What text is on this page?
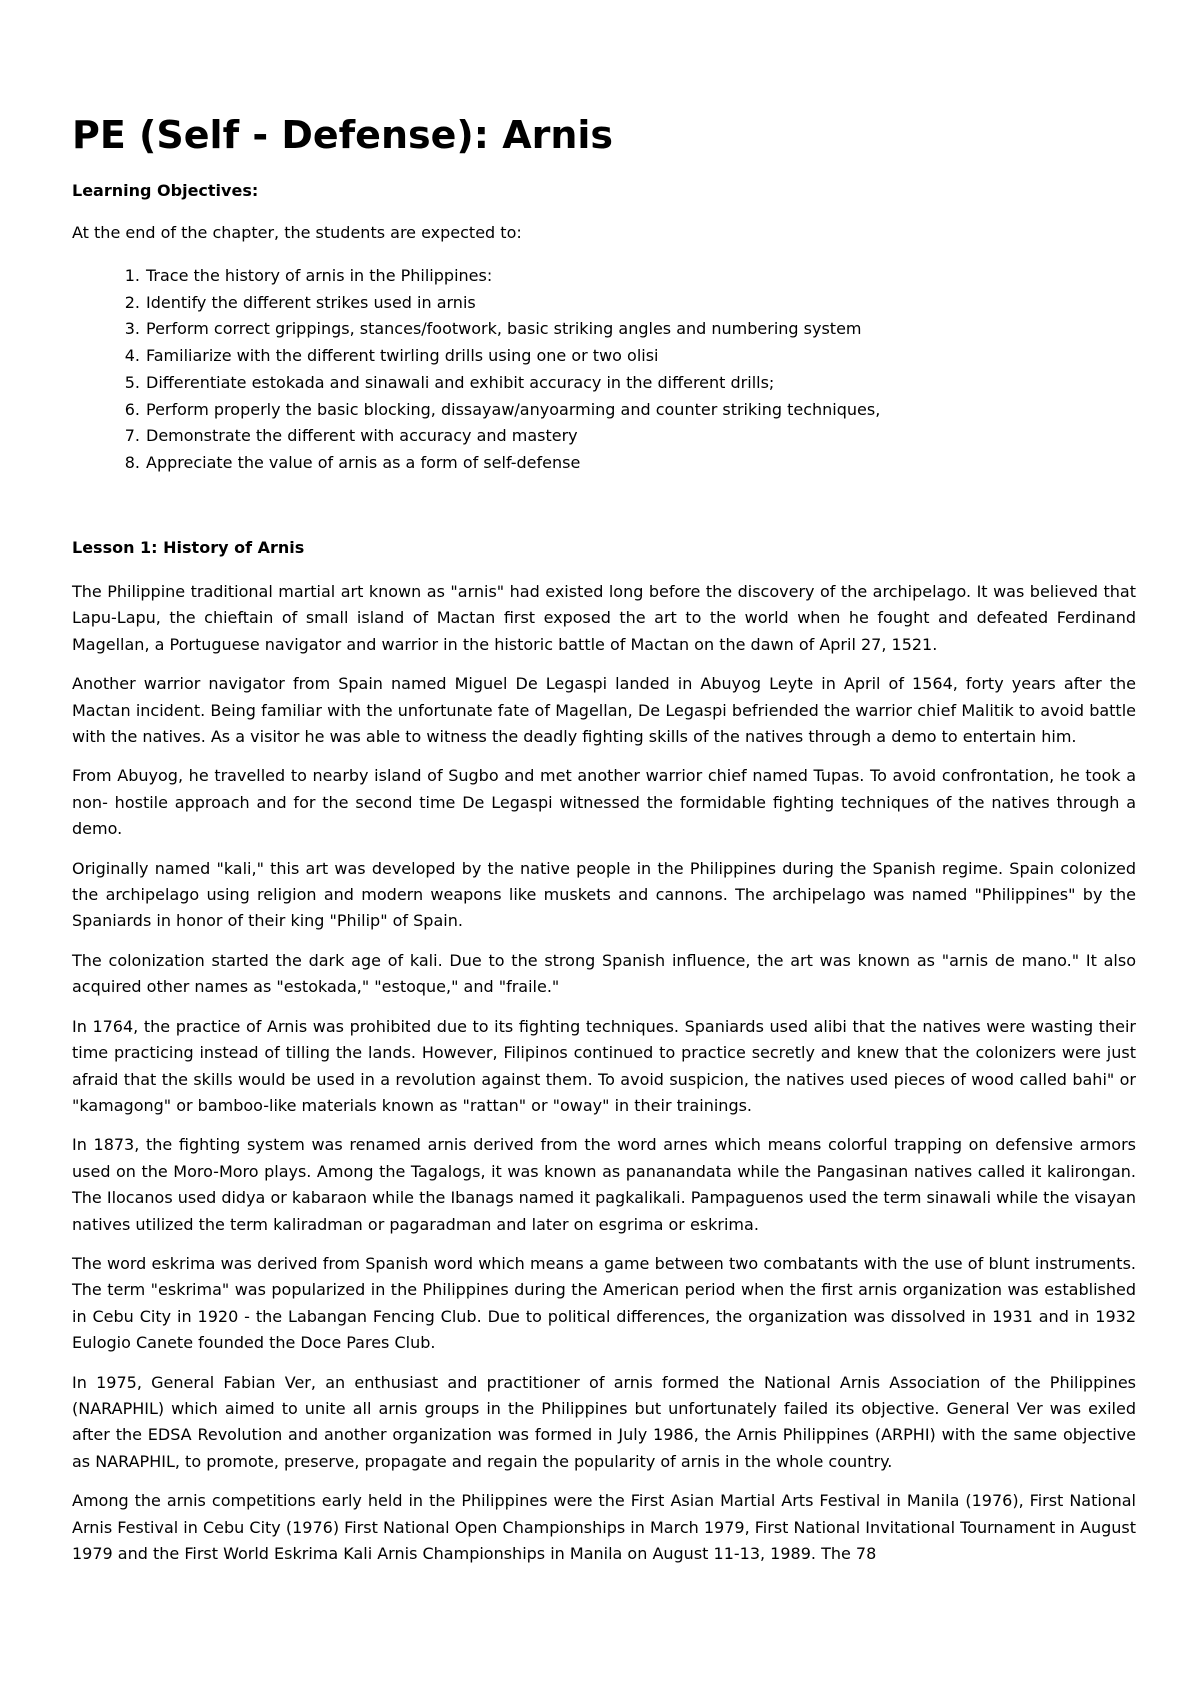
PE (Self - Defense): Arnis

Learning Objectives:

At the end of the chapter, the students are expected to:

1. Trace the history of arnis in the Philippines:
2. Identify the different strikes used in arnis
3. Perform correct grippings, stances/footwork, basic striking angles and numbering system
4. Familiarize with the different twirling drills using one or two olisi
5. Differentiate estokada and sinawali and exhibit accuracy in the different drills;
6. Perform properly the basic blocking, dissayaw/anyoarming and counter striking techniques,
7. Demonstrate the different with accuracy and mastery
8. Appreciate the value of arnis as a form of self-defense

Lesson 1: History of Arnis

The Philippine traditional martial art known as "arnis" had existed long before the discovery of the archipelago. It was believed that Lapu-Lapu, the chieftain of small island of Mactan first exposed the art to the world when he fought and defeated Ferdinand Magellan, a Portuguese navigator and warrior in the historic battle of Mactan on the dawn of April 27, 1521.

Another warrior navigator from Spain named Miguel De Legaspi landed in Abuyog Leyte in April of 1564, forty years after the Mactan incident. Being familiar with the unfortunate fate of Magellan, De Legaspi befriended the warrior chief Malitik to avoid battle with the natives. As a visitor he was able to witness the deadly fighting skills of the natives through a demo to entertain him.

From Abuyog, he travelled to nearby island of Sugbo and met another warrior chief named Tupas. To avoid confrontation, he took a non- hostile approach and for the second time De Legaspi witnessed the formidable fighting techniques of the natives through a demo.

Originally named "kali," this art was developed by the native people in the Philippines during the Spanish regime. Spain colonized the archipelago using religion and modern weapons like muskets and cannons. The archipelago was named "Philippines" by the Spaniards in honor of their king "Philip" of Spain.

The colonization started the dark age of kali. Due to the strong Spanish influence, the art was known as "arnis de mano." It also acquired other names as "estokada," "estoque," and "fraile."

In 1764, the practice of Arnis was prohibited due to its fighting techniques. Spaniards used alibi that the natives were wasting their time practicing instead of tilling the lands. However, Filipinos continued to practice secretly and knew that the colonizers were just afraid that the skills would be used in a revolution against them. To avoid suspicion, the natives used pieces of wood called bahi" or "kamagong" or bamboo-like materials known as "rattan" or "oway" in their trainings.

In 1873, the fighting system was renamed arnis derived from the word arnes which means colorful trapping on defensive armors used on the Moro-Moro plays. Among the Tagalogs, it was known as pananandata while the Pangasinan natives called it kalirongan. The Ilocanos used didya or kabaraon while the Ibanags named it pagkalikali. Pampaguenos used the term sinawali while the visayan natives utilized the term kaliradman or pagaradman and later on esgrima or eskrima.

The word eskrima was derived from Spanish word which means a game between two combatants with the use of blunt instruments. The term "eskrima" was popularized in the Philippines during the American period when the first arnis organization was established in Cebu City in 1920 - the Labangan Fencing Club. Due to political differences, the organization was dissolved in 1931 and in 1932 Eulogio Canete founded the Doce Pares Club.

In 1975, General Fabian Ver, an enthusiast and practitioner of arnis formed the National Arnis Association of the Philippines (NARAPHIL) which aimed to unite all arnis groups in the Philippines but unfortunately failed its objective. General Ver was exiled after the EDSA Revolution and another organization was formed in July 1986, the Arnis Philippines (ARPHI) with the same objective as NARAPHIL, to promote, preserve, propagate and regain the popularity of arnis in the whole country.

Among the arnis competitions early held in the Philippines were the First Asian Martial Arts Festival in Manila (1976), First National Arnis Festival in Cebu City (1976) First National Open Championships in March 1979, First National Invitational Tournament in August 1979 and the First World Eskrima Kali Arnis Championships in Manila on August 11-13, 1989. The 78
